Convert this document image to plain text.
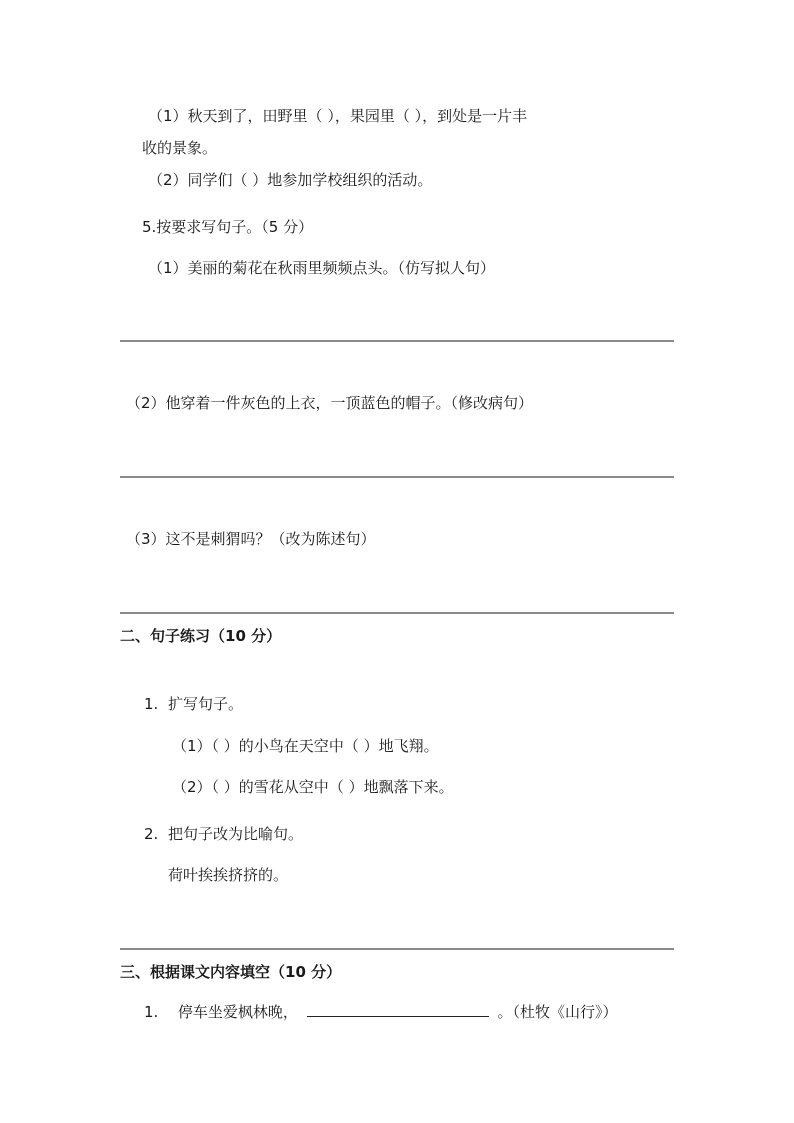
（1）秋天到了，田野里（ ），果园里（ ），到处是一片丰
收的景象。
（2）同学们（ ）地参加学校组织的活动。
5.按要求写句子。（5 分）
（1）美丽的菊花在秋雨里频频点头。（仿写拟人句）
（2）他穿着一件灰色的上衣，一顶蓝色的帽子。（修改病句）
（3）这不是刺猬吗？（改为陈述句）
二、句子练习（10 分）
1. 扩写句子。
（1）（ ）的小鸟在天空中（ ）地飞翔。
（2）（ ）的雪花从空中（ ）地飘落下来。
2. 把句子改为比喻句。
荷叶挨挨挤挤的。
三、根据课文内容填空（10 分）
1. 停车坐爱枫林晚，	。（杜牧《山行》）
